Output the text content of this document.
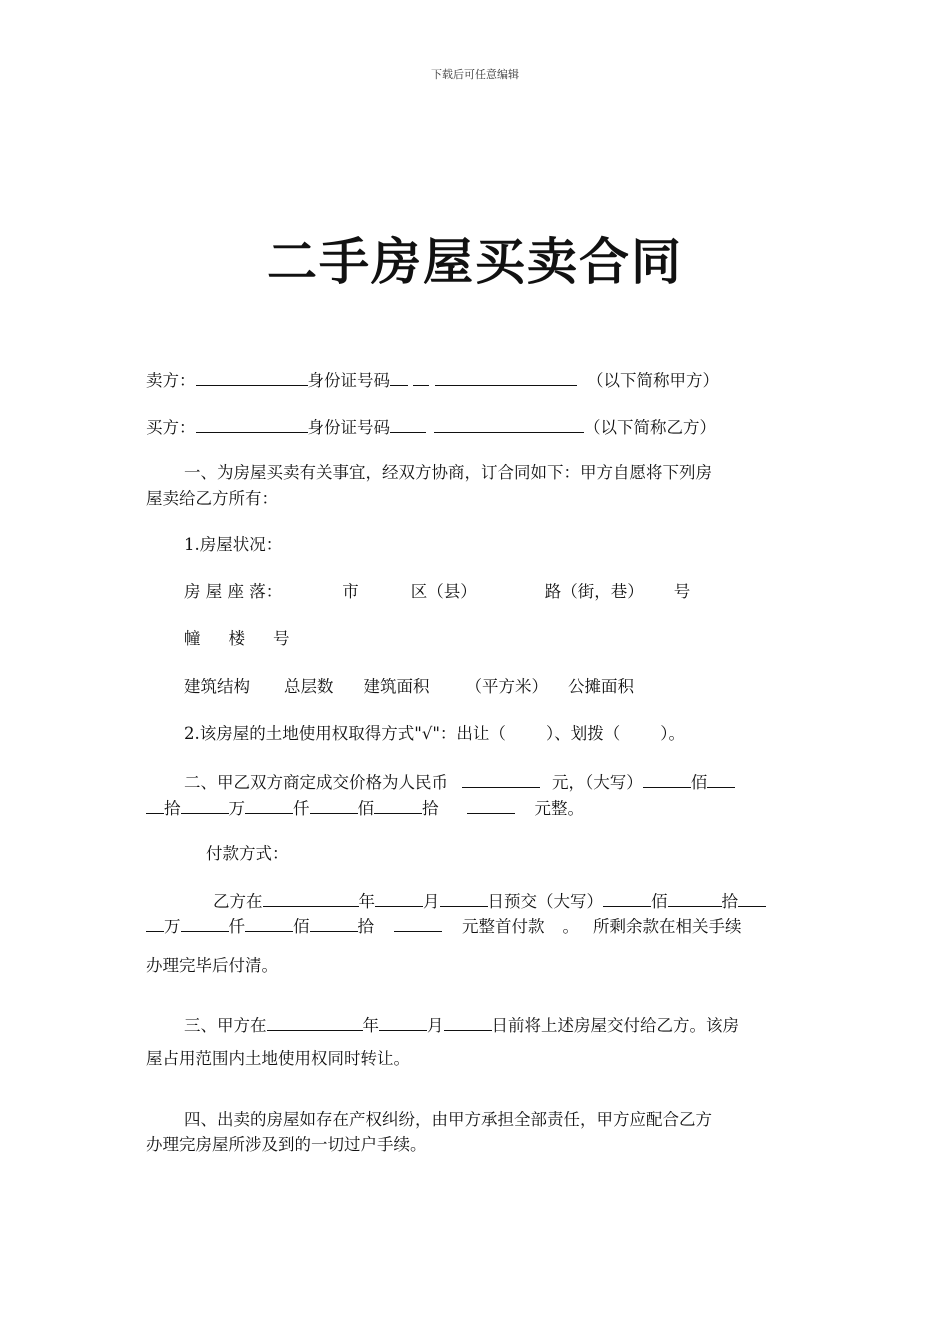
下载后可任意编辑
二手房屋买卖合同
卖方：	身份证号码	（以下简称甲方）
买方：	身份证号码	（以下简称乙方）
一、为房屋买卖有关事宜，经双方协商，订合同如下：甲方自愿将下列房
屋卖给乙方所有：
1.房屋状况：
房 屋 座 落：	市	区（县）	路（街，巷） 号
幢 楼 号
建筑结构 总层数 建筑面积 （平方米） 公摊面积
2.该房屋的土地使用权取得方式"√"：出让（ ）、划拨（ ）。
二、甲乙双方商定成交价格为人民币	元，（大写）	佰
拾	万	仟	佰	拾	元整。
付款方式：
乙方在	年	月	日预交（大写）	佰	拾
万	仟	佰	拾	元整首付款 。 所剩余款在相关手续
办理完毕后付清。
三、甲方在	年	月	日前将上述房屋交付给乙方。该房
屋占用范围内土地使用权同时转让。
四、出卖的房屋如存在产权纠纷，由甲方承担全部责任，甲方应配合乙方
办理完房屋所涉及到的一切过户手续。
